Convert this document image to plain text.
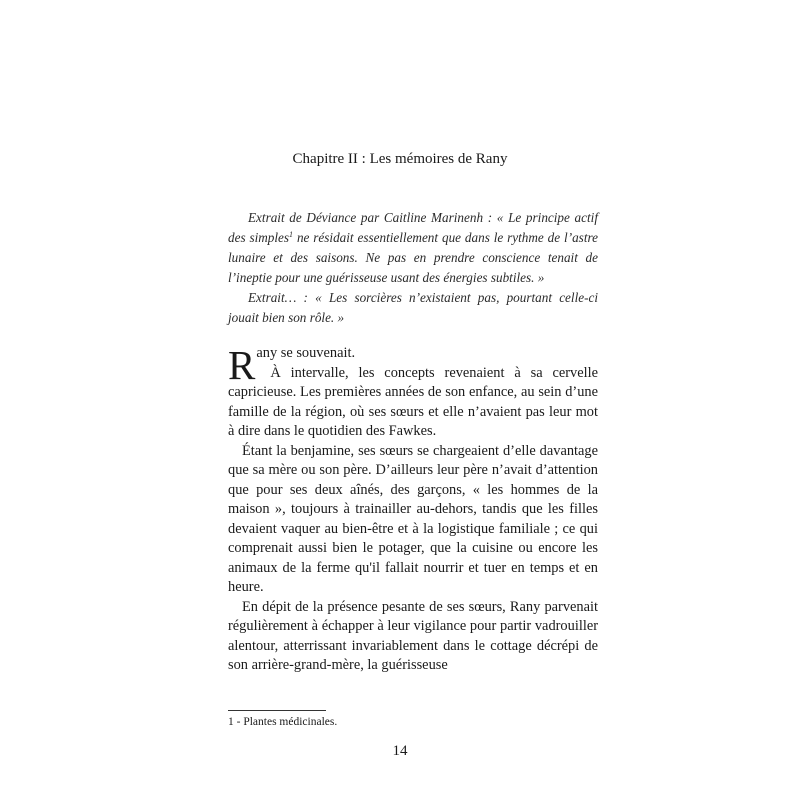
Chapitre II : Les mémoires de Rany

Extrait de Déviance par Caitline Marinenh : « Le principe actif des simples$^1$ ne résidait essentiellement que dans le rythme de l’astre lunaire et des saisons. Ne pas en prendre conscience tenait de l’ineptie pour une guérisseuse usant des énergies subtiles. »

Extrait… : « Les sorcières n’existaient pas, pourtant celle-ci jouait bien son rôle. »

Rany se souvenait.

À intervalle, les concepts revenaient à sa cervelle capricieuse. Les premières années de son enfance, au sein d’une famille de la région, où ses sœurs et elle n’avaient pas leur mot à dire dans le quotidien des Fawkes.

Étant la benjamine, ses sœurs se chargeaient d’elle davantage que sa mère ou son père. D’ailleurs leur père n’avait d’attention que pour ses deux aînés, des garçons, « les hommes de la maison », toujours à trainailler au-dehors, tandis que les filles devaient vaquer au bien-être et à la logistique familiale ; ce qui comprenait aussi bien le potager, que la cuisine ou encore les animaux de la ferme qu'il fallait nourrir et tuer en temps et en heure.

En dépit de la présence pesante de ses sœurs, Rany parvenait régulièrement à échapper à leur vigilance pour partir vadrouiller alentour, atterrissant invariablement dans le cottage décrépi de son arrière-grand-mère, la guérisseuse

1 - Plantes médicinales.
14
